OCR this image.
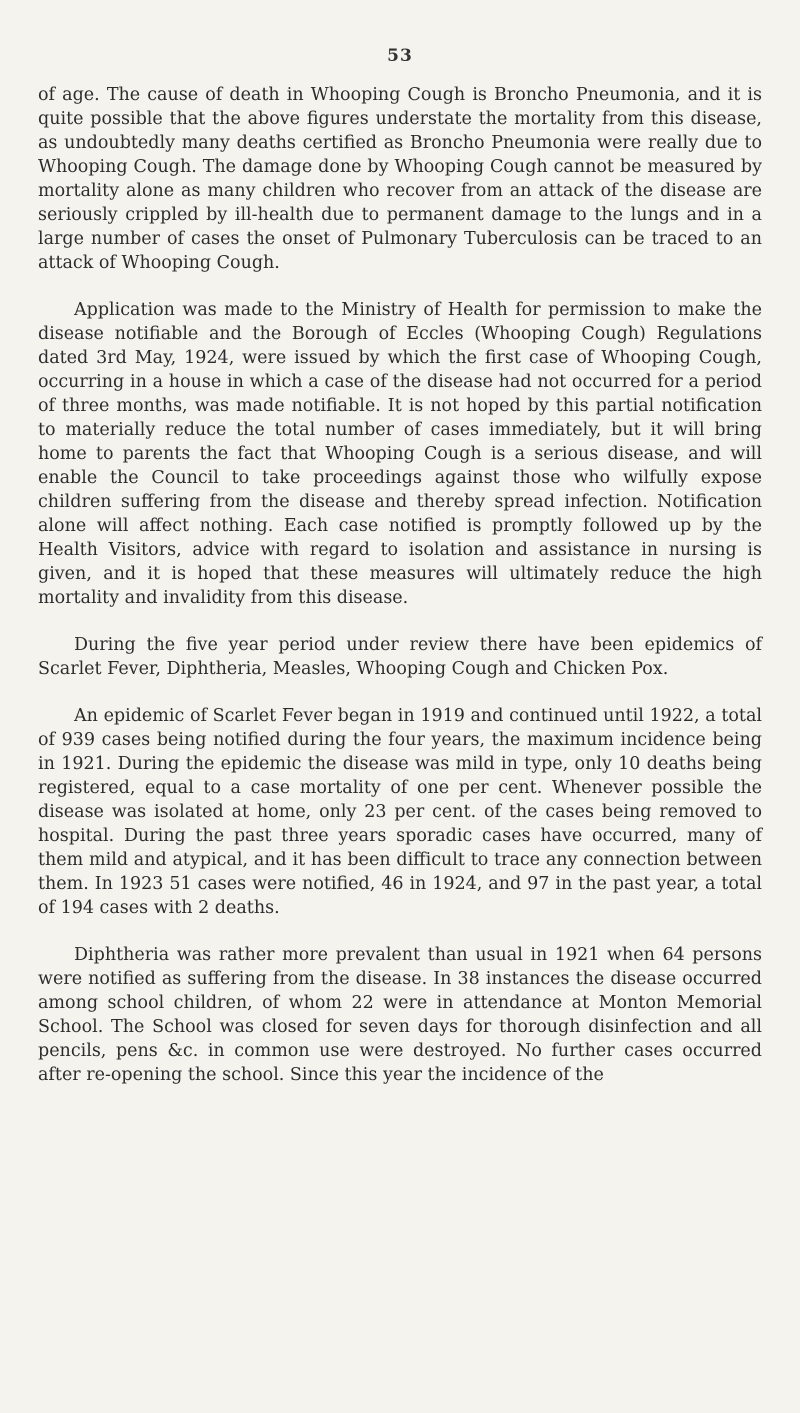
53

of age. The cause of death in Whooping Cough is Broncho Pneumonia, and it is quite possible that the above figures understate the mortality from this disease, as undoubtedly many deaths certified as Broncho Pneumonia were really due to Whooping Cough. The damage done by Whooping Cough cannot be measured by mortality alone as many children who recover from an attack of the disease are seriously crippled by ill-health due to permanent damage to the lungs and in a large number of cases the onset of Pulmonary Tuberculosis can be traced to an attack of Whooping Cough.

Application was made to the Ministry of Health for permission to make the disease notifiable and the Borough of Eccles (Whooping Cough) Regulations dated 3rd May, 1924, were issued by which the first case of Whooping Cough, occurring in a house in which a case of the disease had not occurred for a period of three months, was made notifiable. It is not hoped by this partial notification to materially reduce the total number of cases immediately, but it will bring home to parents the fact that Whooping Cough is a serious disease, and will enable the Council to take proceedings against those who wilfully expose children suffering from the disease and thereby spread infection. Notification alone will affect nothing. Each case notified is promptly followed up by the Health Visitors, advice with regard to isolation and assistance in nursing is given, and it is hoped that these measures will ultimately reduce the high mortality and invalidity from this disease.

During the five year period under review there have been epidemics of Scarlet Fever, Diphtheria, Measles, Whooping Cough and Chicken Pox.

An epidemic of Scarlet Fever began in 1919 and continued until 1922, a total of 939 cases being notified during the four years, the maximum incidence being in 1921. During the epidemic the disease was mild in type, only 10 deaths being registered, equal to a case mortality of one per cent. Whenever possible the disease was isolated at home, only 23 per cent. of the cases being removed to hospital. During the past three years sporadic cases have occurred, many of them mild and atypical, and it has been difficult to trace any connection between them. In 1923 51 cases were notified, 46 in 1924, and 97 in the past year, a total of 194 cases with 2 deaths.

Diphtheria was rather more prevalent than usual in 1921 when 64 persons were notified as suffering from the disease. In 38 instances the disease occurred among school children, of whom 22 were in attendance at Monton Memorial School. The School was closed for seven days for thorough disinfection and all pencils, pens &c. in common use were destroyed. No further cases occurred after re-opening the school. Since this year the incidence of the
